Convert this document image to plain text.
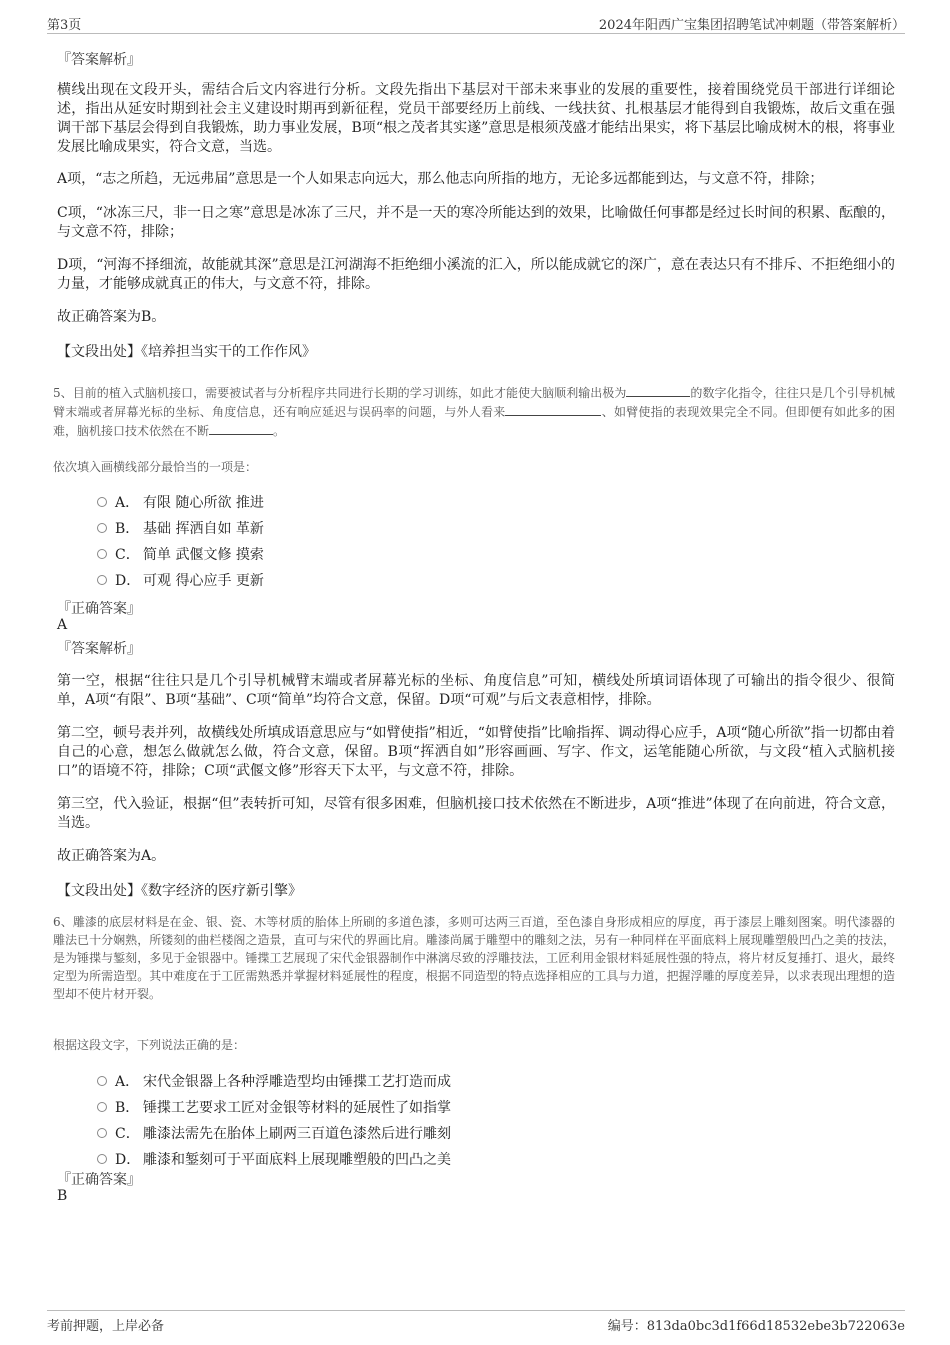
第3页	2024年阳西广宝集团招聘笔试冲刺题（带答案解析）
『答案解析』
横线出现在文段开头，需结合后文内容进行分析。文段先指出下基层对干部未来事业的发展的重要性，接着围绕党员干部进行详细论述，指出从延安时期到社会主义建设时期再到新征程，党员干部要经历上前线、一线扶贫、扎根基层才能得到自我锻炼，故后文重在强调干部下基层会得到自我锻炼，助力事业发展，B项“根之茂者其实遂”意思是根须茂盛才能结出果实，将下基层比喻成树木的根，将事业发展比喻成果实，符合文意，当选。
A项，“志之所趋，无远弗届”意思是一个人如果志向远大，那么他志向所指的地方，无论多远都能到达，与文意不符，排除；
C项，“冰冻三尺，非一日之寒”意思是冰冻了三尺，并不是一天的寒冷所能达到的效果，比喻做任何事都是经过长时间的积累、酝酿的，与文意不符，排除；
D项，“河海不择细流，故能就其深”意思是江河湖海不拒绝细小溪流的汇入，所以能成就它的深广，意在表达只有不排斥、不拒绝细小的力量，才能够成就真正的伟大，与文意不符，排除。
故正确答案为B。
【文段出处】《培养担当实干的工作作风》
5、目前的植入式脑机接口，需要被试者与分析程序共同进行长期的学习训练，如此才能使大脑顺利输出极为	的数字化指令，往往只是几个引导机械臂末端或者屏幕光标的坐标、角度信息，还有响应延迟与误码率的问题，与外人看来	、如臂使指的表现效果完全不同。但即便有如此多的困难，脑机接口技术依然在不断	。
依次填入画横线部分最恰当的一项是：
A． 有限 随心所欲 推进
B． 基础 挥洒自如 革新
C． 简单 武偃文修 摸索
D． 可观 得心应手 更新
『正确答案』
A
『答案解析』
第一空，根据“往往只是几个引导机械臂末端或者屏幕光标的坐标、角度信息”可知，横线处所填词语体现了可输出的指令很少、很简单，A项“有限”、B项“基础”、C项“简单”均符合文意，保留。D项“可观”与后文表意相悖，排除。
第二空，顿号表并列，故横线处所填成语意思应与“如臂使指”相近，“如臂使指”比喻指挥、调动得心应手，A项“随心所欲”指一切都由着自己的心意，想怎么做就怎么做，符合文意，保留。B项“挥洒自如”形容画画、写字、作文，运笔能随心所欲，与文段“植入式脑机接口”的语境不符，排除；C项“武偃文修”形容天下太平，与文意不符，排除。
第三空，代入验证，根据“但”表转折可知，尽管有很多困难，但脑机接口技术依然在不断进步，A项“推进”体现了在向前进，符合文意，当选。
故正确答案为A。
【文段出处】《数字经济的医疗新引擎》
6、雕漆的底层材料是在金、银、瓷、木等材质的胎体上所刷的多道色漆，多则可达两三百道，至色漆自身形成相应的厚度，再于漆层上雕刻图案。明代漆器的雕法已十分娴熟，所镂刻的曲栏楼阁之造景，直可与宋代的界画比肩。雕漆尚属于雕塑中的雕刻之法，另有一种同样在平面底料上展现雕塑般凹凸之美的技法，是为锤揲与錾刻，多见于金银器中。锤揲工艺展现了宋代金银器制作中淋漓尽致的浮雕技法，工匠利用金银材料延展性强的特点，将片材反复捶打、退火，最终定型为所需造型。其中难度在于工匠需熟悉并掌握材料延展性的程度，根据不同造型的特点选择相应的工具与力道，把握浮雕的厚度差异，以求表现出理想的造型却不使片材开裂。
根据这段文字，下列说法正确的是：
A． 宋代金银器上各种浮雕造型均由锤揲工艺打造而成
B． 锤揲工艺要求工匠对金银等材料的延展性了如指掌
C． 雕漆法需先在胎体上刷两三百道色漆然后进行雕刻
D． 雕漆和錾刻可于平面底料上展现雕塑般的凹凸之美
『正确答案』
B
考前押题，上岸必备	编号：813da0bc3d1f66d18532ebe3b722063e
